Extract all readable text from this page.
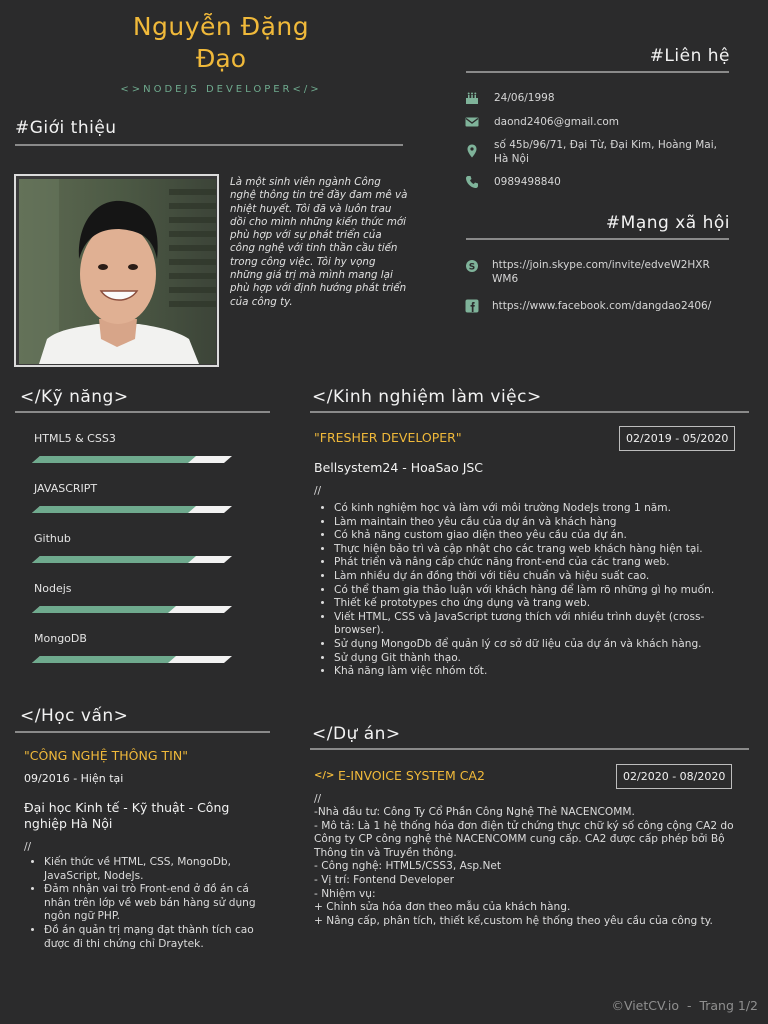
Nguyễn Đặng
Đạo
<>NODEJS DEVELOPER</>
#Liên hệ
24/06/1998
daond2406@gmail.com
số 45b/96/71, Đại Từ, Đại Kim, Hoàng Mai, Hà Nội
0989498840
#Mạng xã hội
S https://join.skype.com/invite/edveW2HXRWM6
https://www.facebook.com/dangdao2406/
#Giới thiệu
Là một sinh viên ngành Công nghệ thông tin trẻ đầy đam mê và nhiệt huyết. Tôi đã và luôn trau dồi cho mình những kiến thức mới phù hợp với sự phát triển của công nghệ với tinh thần cầu tiến trong công việc. Tôi hy vọng những giá trị mà mình mang lại phù hợp với định hướng phát triển của công ty.
</Kỹ năng>
HTML5 & CSS3
JAVASCRIPT
Github
Nodejs
MongoDB
</Học vấn>
"CÔNG NGHỆ THÔNG TIN"
09/2016 - Hiện tại
Đại học Kinh tế - Kỹ thuật - Công nghiệp Hà Nội
//
• Kiến thức về HTML, CSS, MongoDb, JavaScript, NodeJs.
• Đảm nhận vai trò Front-end ở đồ án cá nhân trên lớp về web bán hàng sử dụng ngôn ngữ PHP.
• Đồ án quản trị mạng đạt thành tích cao được đi thi chứng chỉ Draytek.
</Kinh nghiệm làm việc>
"FRESHER DEVELOPER"	02/2019 - 05/2020
Bellsystem24 - HoaSao JSC
//
• Có kinh nghiệm học và làm với môi trường NodeJs trong 1 năm.
• Làm maintain theo yêu cầu của dự án và khách hàng
• Có khả năng custom giao diện theo yêu cầu của dự án.
• Thực hiện bảo trì và cập nhật cho các trang web khách hàng hiện tại.
• Phát triển và nâng cấp chức năng front-end của các trang web.
• Làm nhiều dự án đồng thời với tiêu chuẩn và hiệu suất cao.
• Có thể tham gia thảo luận với khách hàng để làm rõ những gì họ muốn.
• Thiết kế prototypes cho ứng dụng và trang web.
• Viết HTML, CSS và JavaScript tương thích với nhiều trình duyệt (cross-browser).
• Sử dụng MongoDb để quản lý cơ sở dữ liệu của dự án và khách hàng.
• Sử dụng Git thành thạo.
• Khả năng làm việc nhóm tốt.
</Dự án>
</> E-INVOICE SYSTEM CA2	02/2020 - 08/2020
//
-Nhà đầu tư: Công Ty Cổ Phần Công Nghệ Thẻ NACENCOMM.
- Mô tả: Là 1 hệ thống hóa đơn điện tử chứng thực chữ ký số công cộng CA2 do Công ty CP công nghệ thẻ NACENCOMM cung cấp. CA2 được cấp phép bởi Bộ Thông tin và Truyền thông.
- Công nghệ: HTML5/CSS3, Asp.Net
- Vị trí: Fontend Developer
- Nhiệm vụ:
+ Chỉnh sửa hóa đơn theo mẫu của khách hàng.
+ Nâng cấp, phân tích, thiết kế,custom hệ thống theo yêu cầu của công ty.
©VietCV.io  -  Trang 1/2
